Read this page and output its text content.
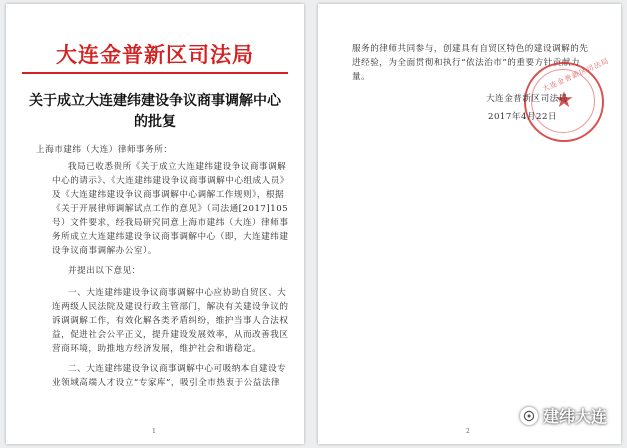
大连金普新区司法局
关于成立大连建纬建设争议商事调解中心
的批复
上海市建纬（大连）律师事务所：
我局已收悉贵所《关于成立大连建纬建设争议商事调解
中心的请示》、《大连建纬建设争议商事调解中心组成人员》
及《大连建纬建设争议商事调解中心调解工作规则》，根据
《关于开展律师调解试点工作的意见》（司法通[2017]105
号）文件要求，经我局研究同意上海市建纬（大连）律师事
务所成立大连建纬建设争议商事调解中心（即，大连建纬建
设争议商事调解办公室）。
并提出以下意见：
一、大连建纬建设争议商事调解中心应协助自贸区、大
连两级人民法院及建设行政主管部门，解决有关建设争议的
诉调调解工作，有效化解各类矛盾纠纷，维护当事人合法权
益，促进社会公平正义，提升建设发展效率，从而改善我区
营商环境，助推地方经济发展，维护社会和谐稳定。
二、大连建纬建设争议商事调解中心可吸纳本自建设专
业领域高端人才设立“专家库”，吸引全市热衷于公益法律
1
服务的律师共同参与，创建具有自贸区特色的建设调解的先
进经验，为全面贯彻和执行“依法治市”的重要方针贡献力
量。	大连金普新区司法局
★
大连金普新区司法局
2017年4月22日
2
建纬大连
